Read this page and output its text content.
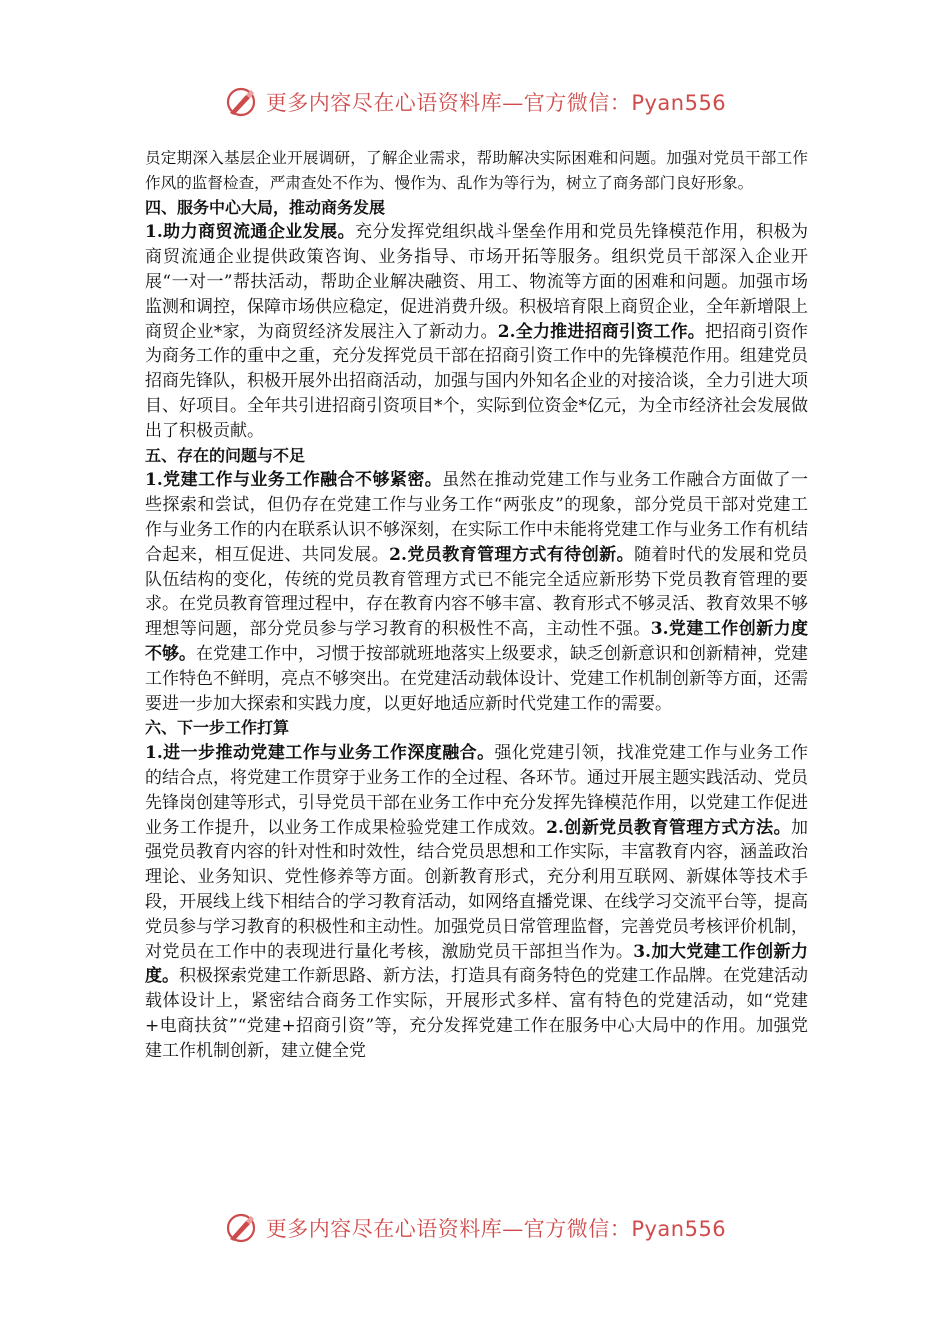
更多内容尽在心语资料库—官方微信：Pyan556

员定期深入基层企业开展调研，了解企业需求，帮助解决实际困难和问题。加强对党员干部工作作风的监督检查，严肃查处不作为、慢作为、乱作为等行为，树立了商务部门良好形象。

四、服务中心大局，推动商务发展

1.助力商贸流通企业发展。充分发挥党组织战斗堡垒作用和党员先锋模范作用，积极为商贸流通企业提供政策咨询、业务指导、市场开拓等服务。组织党员干部深入企业开展“一对一”帮扶活动，帮助企业解决融资、用工、物流等方面的困难和问题。加强市场监测和调控，保障市场供应稳定，促进消费升级。积极培育限上商贸企业，全年新增限上商贸企业*家，为商贸经济发展注入了新动力。2.全力推进招商引资工作。把招商引资作为商务工作的重中之重，充分发挥党员干部在招商引资工作中的先锋模范作用。组建党员招商先锋队，积极开展外出招商活动，加强与国内外知名企业的对接洽谈，全力引进大项目、好项目。全年共引进招商引资项目*个，实际到位资金*亿元，为全市经济社会发展做出了积极贡献。

五、存在的问题与不足

1.党建工作与业务工作融合不够紧密。虽然在推动党建工作与业务工作融合方面做了一些探索和尝试，但仍存在党建工作与业务工作“两张皮”的现象，部分党员干部对党建工作与业务工作的内在联系认识不够深刻，在实际工作中未能将党建工作与业务工作有机结合起来，相互促进、共同发展。2.党员教育管理方式有待创新。随着时代的发展和党员队伍结构的变化，传统的党员教育管理方式已不能完全适应新形势下党员教育管理的要求。在党员教育管理过程中，存在教育内容不够丰富、教育形式不够灵活、教育效果不够理想等问题，部分党员参与学习教育的积极性不高，主动性不强。3.党建工作创新力度不够。在党建工作中，习惯于按部就班地落实上级要求，缺乏创新意识和创新精神，党建工作特色不鲜明，亮点不够突出。在党建活动载体设计、党建工作机制创新等方面，还需要进一步加大探索和实践力度，以更好地适应新时代党建工作的需要。

六、下一步工作打算

1.进一步推动党建工作与业务工作深度融合。强化党建引领，找准党建工作与业务工作的结合点，将党建工作贯穿于业务工作的全过程、各环节。通过开展主题实践活动、党员先锋岗创建等形式，引导党员干部在业务工作中充分发挥先锋模范作用，以党建工作促进业务工作提升，以业务工作成果检验党建工作成效。2.创新党员教育管理方式方法。加强党员教育内容的针对性和时效性，结合党员思想和工作实际，丰富教育内容，涵盖政治理论、业务知识、党性修养等方面。创新教育形式，充分利用互联网、新媒体等技术手段，开展线上线下相结合的学习教育活动，如网络直播党课、在线学习交流平台等，提高党员参与学习教育的积极性和主动性。加强党员日常管理监督，完善党员考核评价机制，对党员在工作中的表现进行量化考核，激励党员干部担当作为。3.加大党建工作创新力度。积极探索党建工作新思路、新方法，打造具有商务特色的党建工作品牌。在党建活动载体设计上，紧密结合商务工作实际，开展形式多样、富有特色的党建活动，如“党建+电商扶贫”“党建+招商引资”等，充分发挥党建工作在服务中心大局中的作用。加强党建工作机制创新，建立健全党

更多内容尽在心语资料库—官方微信：Pyan556
